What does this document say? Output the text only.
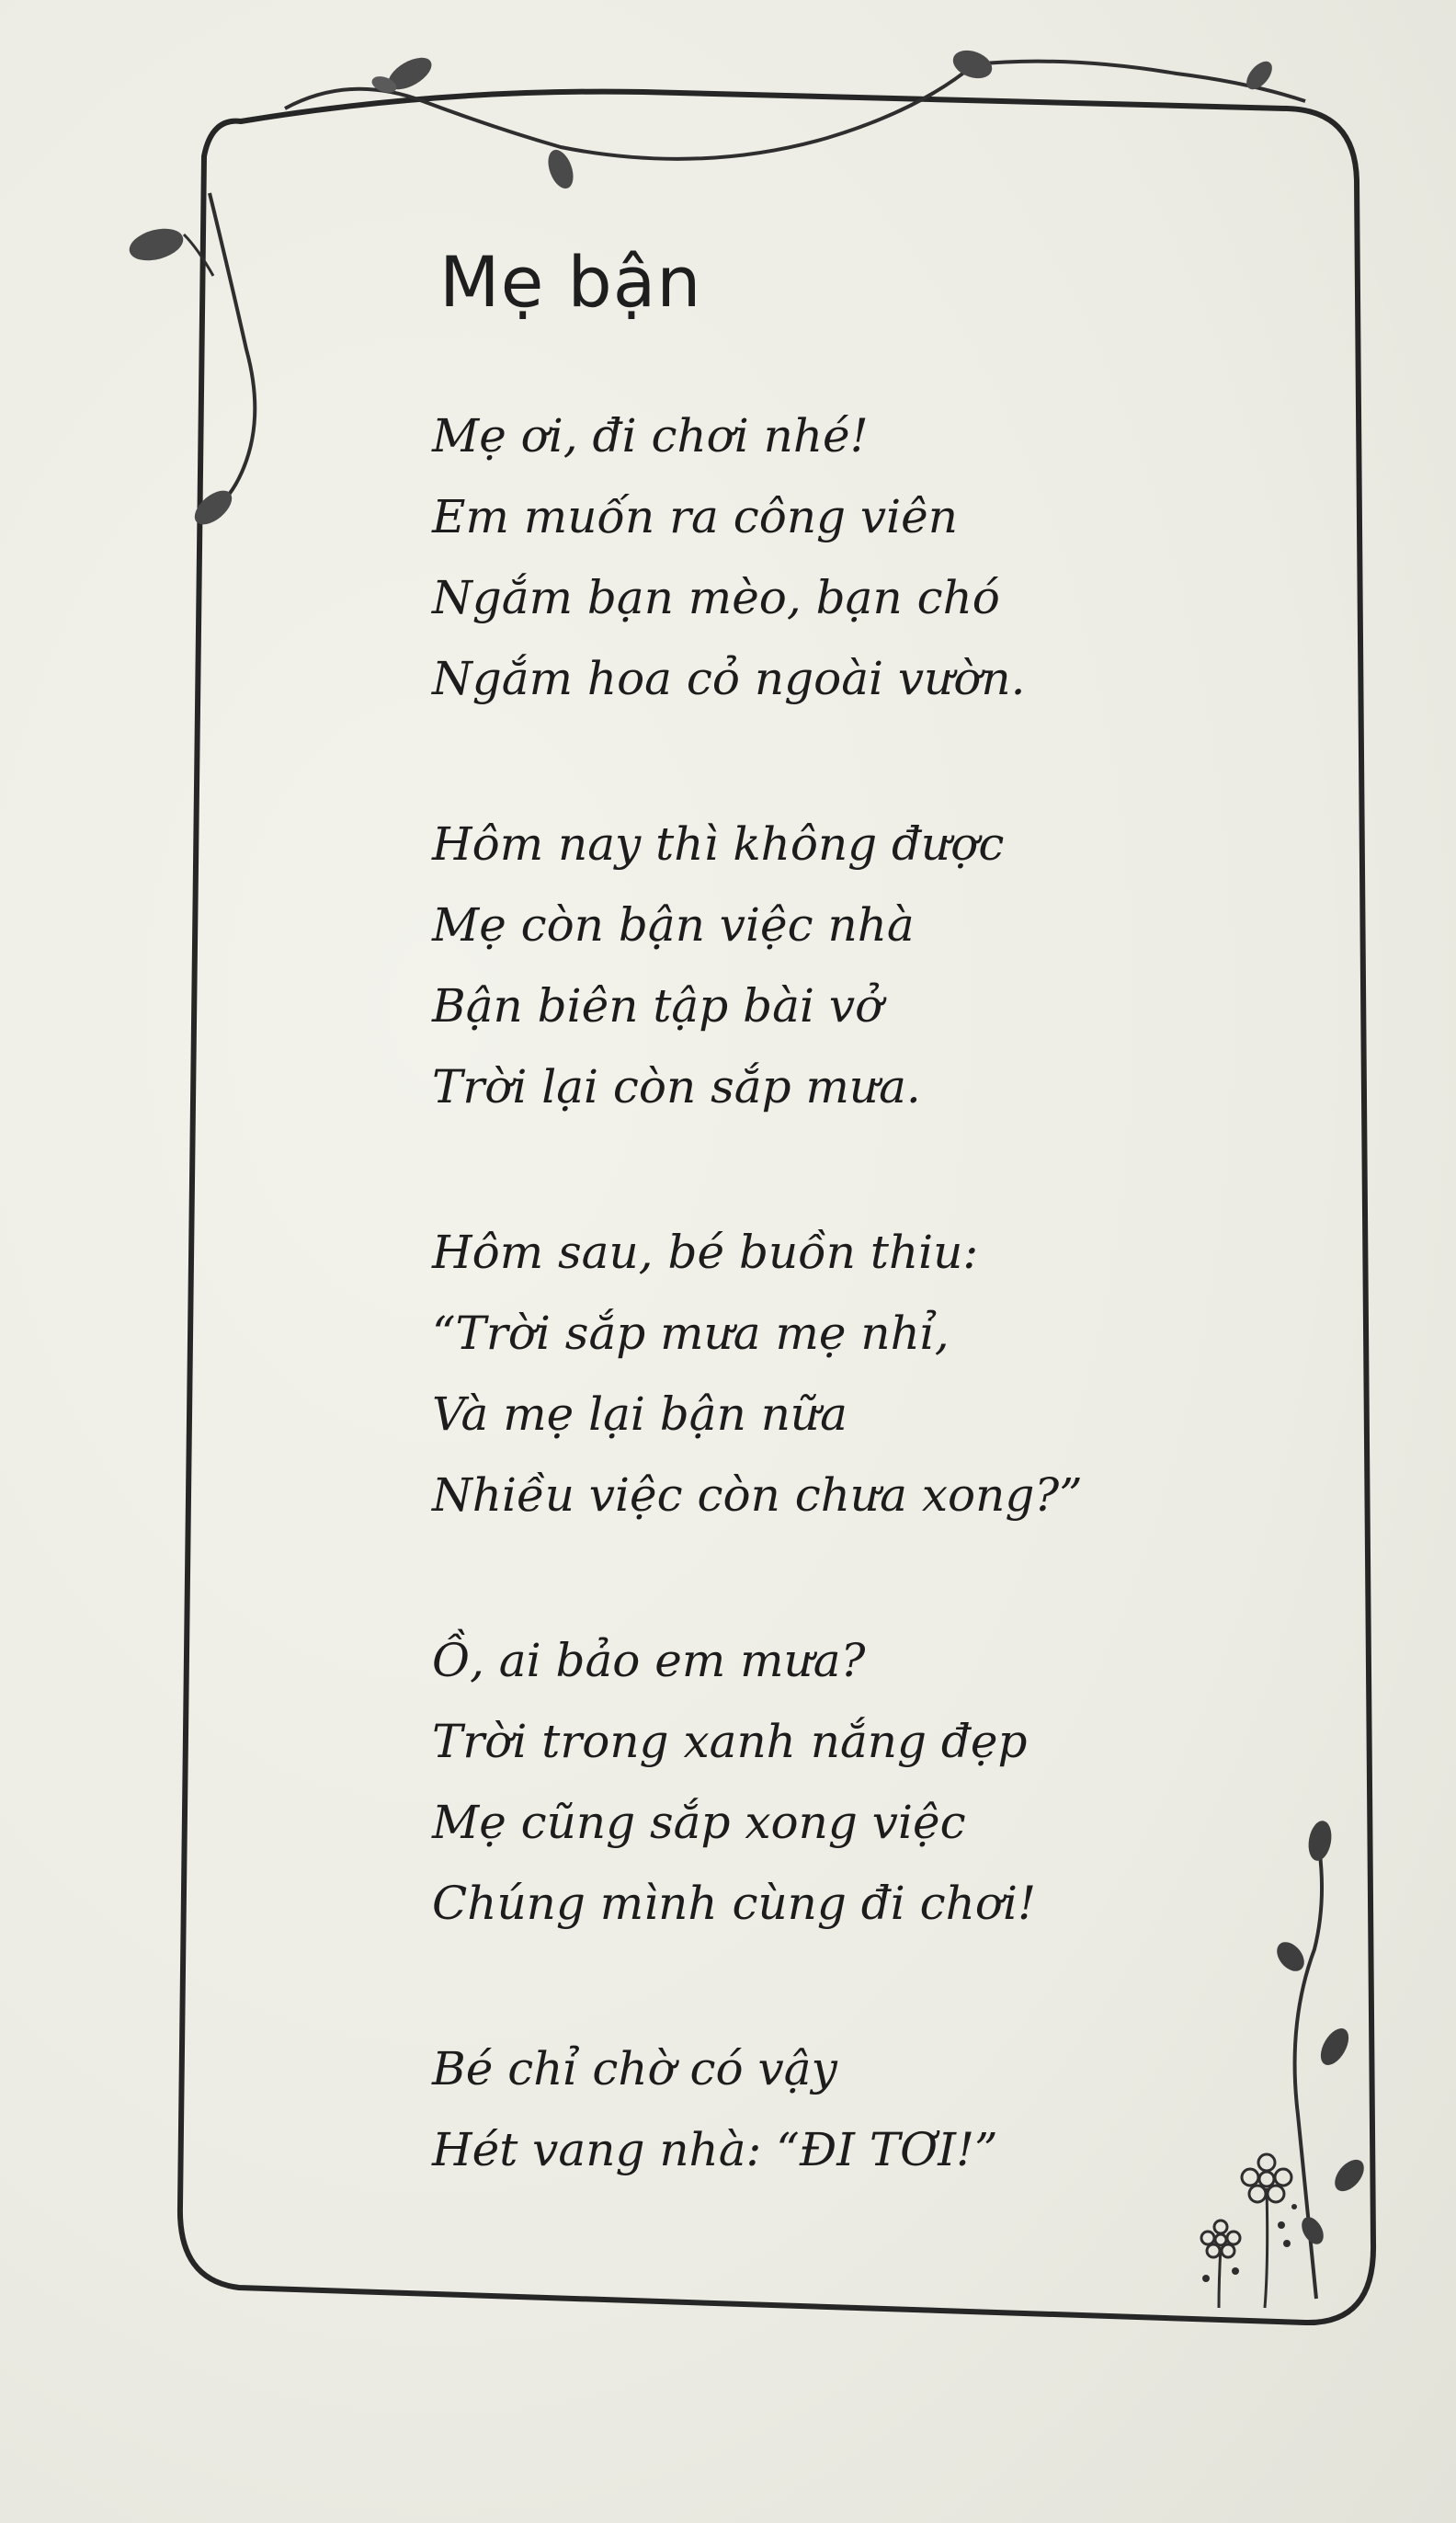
Mẹ bận
Mẹ ơi, đi chơi nhé!
Em muốn ra công viên
Ngắm bạn mèo, bạn chó
Ngắm hoa cỏ ngoài vườn.
Hôm nay thì không được
Mẹ còn bận việc nhà
Bận biên tập bài vở
Trời lại còn sắp mưa.
Hôm sau, bé buồn thiu:
“Trời sắp mưa mẹ nhỉ,
Và mẹ lại bận nữa
Nhiều việc còn chưa xong?”
Ồ, ai bảo em mưa?
Trời trong xanh nắng đẹp
Mẹ cũng sắp xong việc
Chúng mình cùng đi chơi!
Bé chỉ chờ có vậy
Hét vang nhà: “ĐI TƠI!”
